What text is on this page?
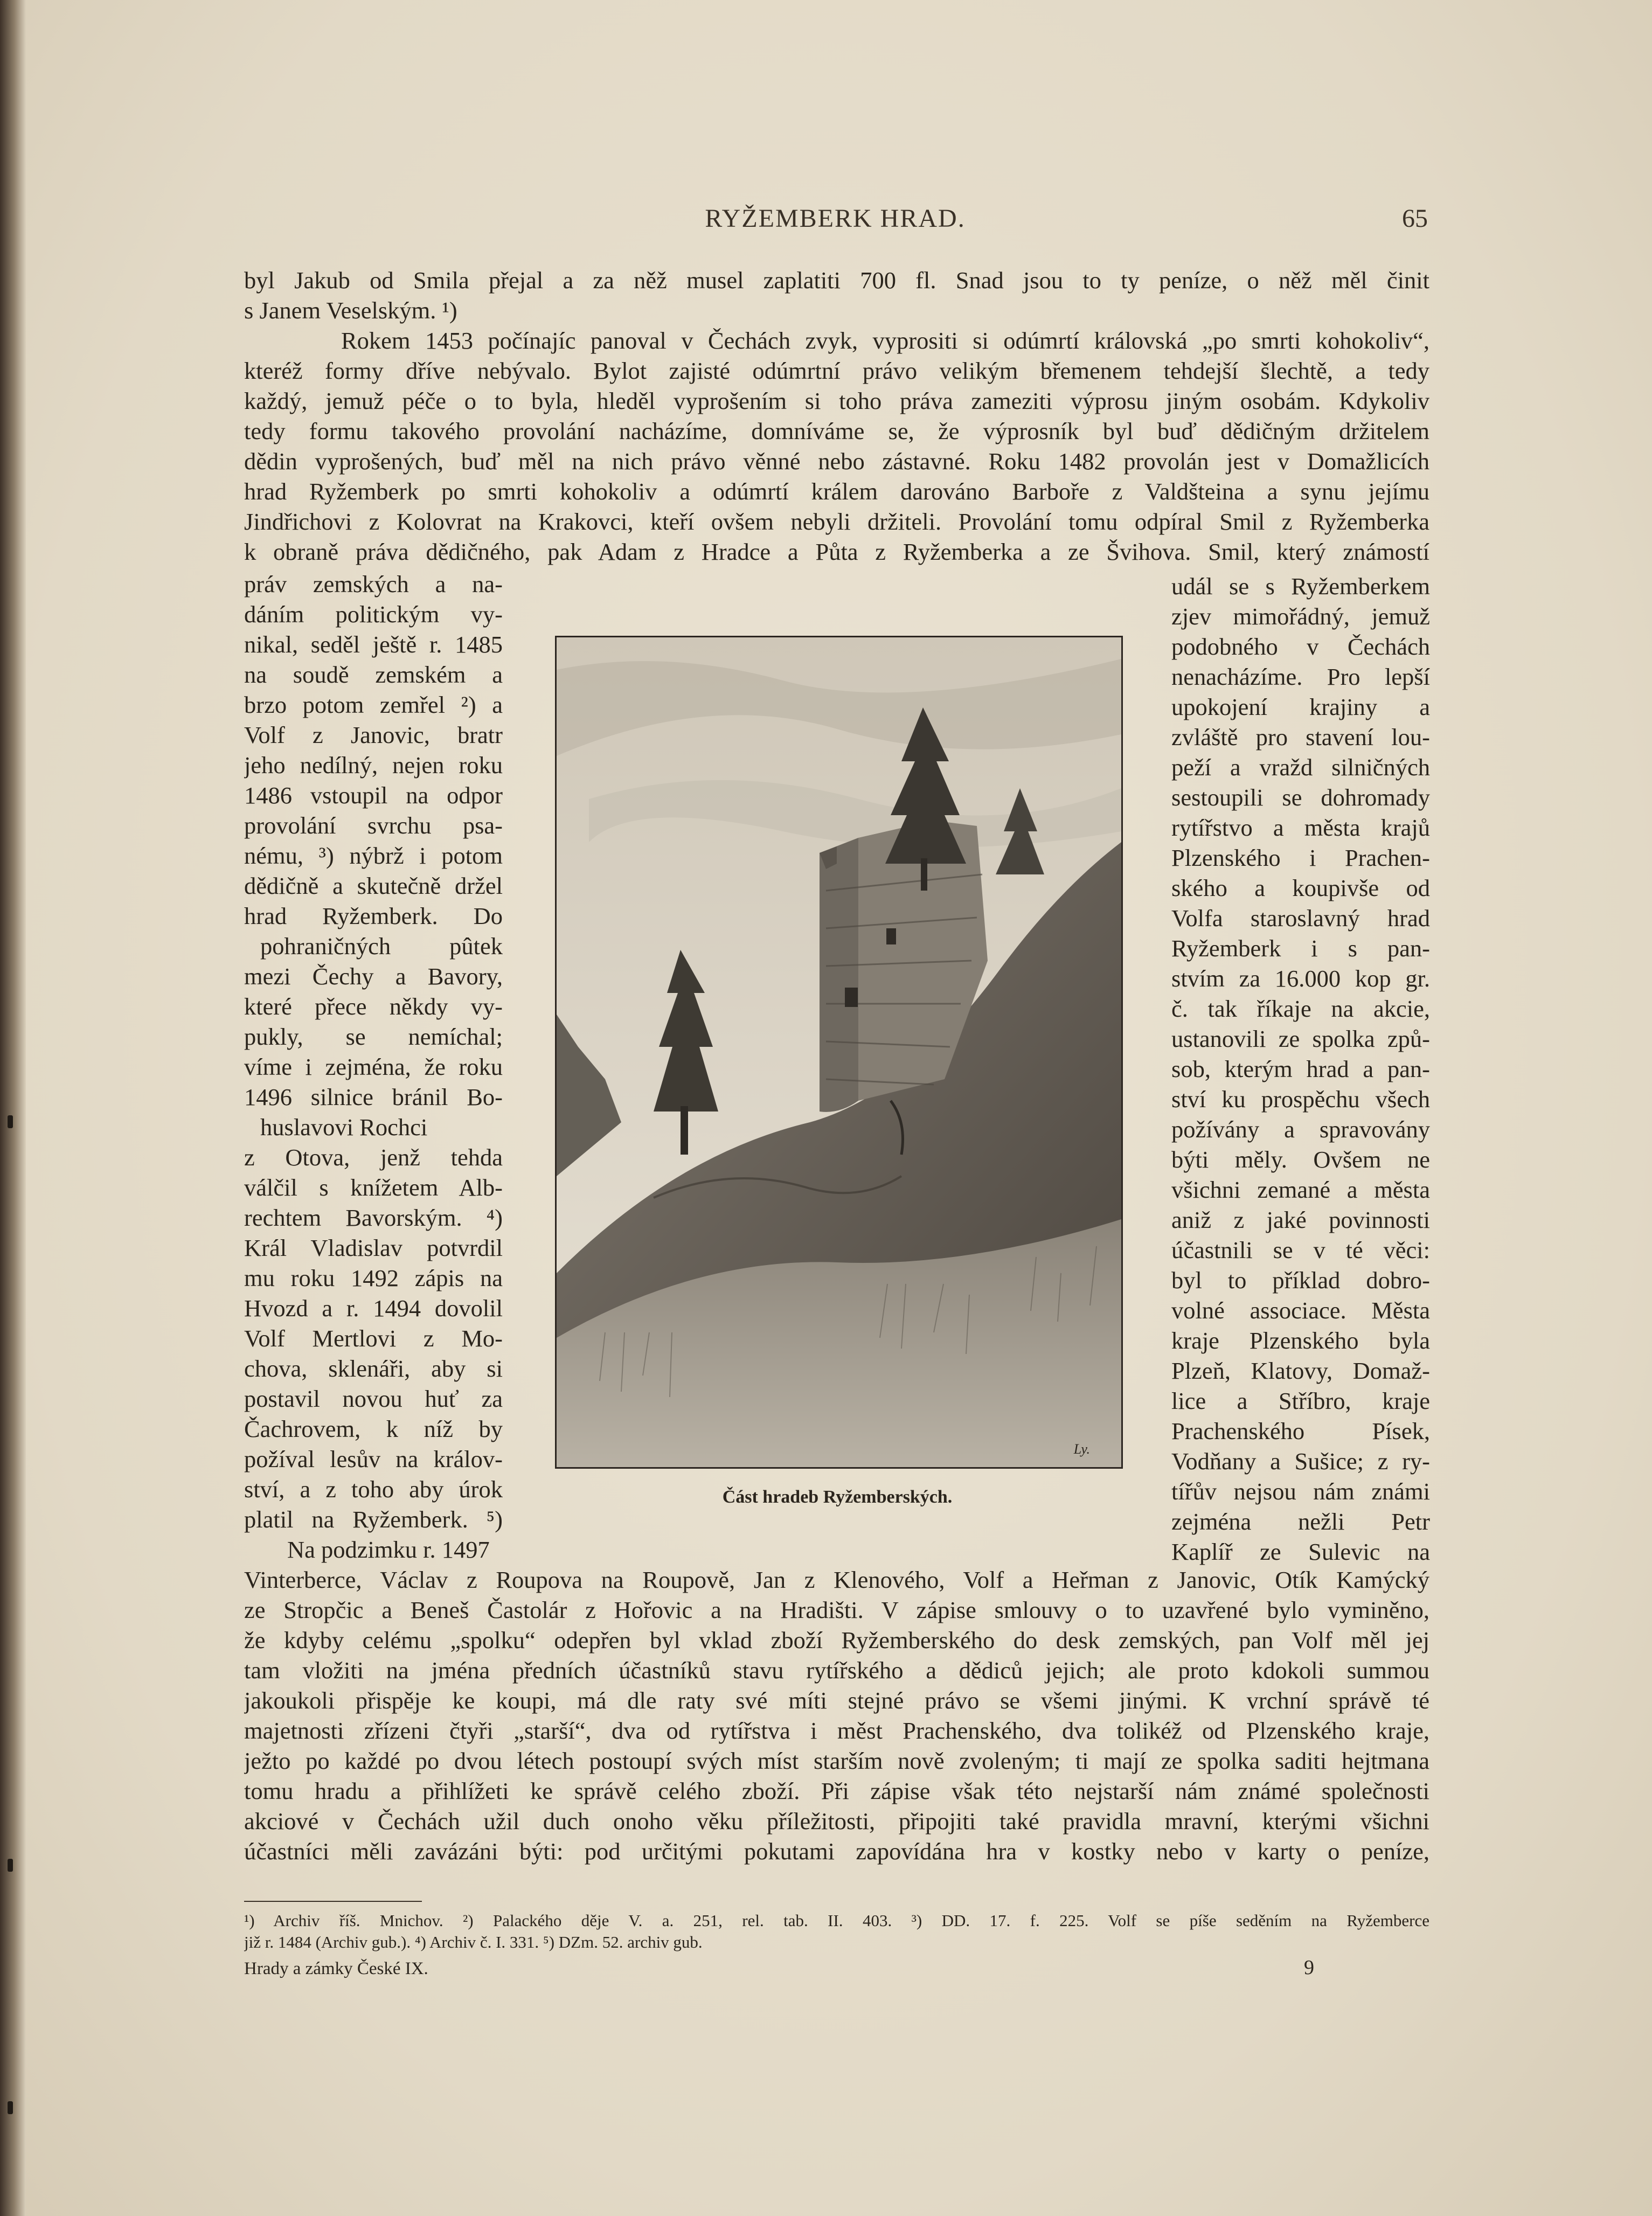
RYŽEMBERK HRAD.	65
byl Jakub od Smila přejal a za něž musel zaplatiti 700 fl. Snad jsou to ty peníze, o něž měl činit
s Janem Veselským. ¹)
Rokem 1453 počínajíc panoval v Čechách zvyk, vyprositi si odúmrtí královská „po smrti kohokoliv“,
kteréž formy dříve nebývalo. Bylot zajisté odúmrtní právo velikým břemenem tehdejší šlechtě, a tedy
každý, jemuž péče o to byla, hleděl vyprošením si toho práva zameziti výprosu jiným osobám. Kdykoliv
tedy formu takového provolání nacházíme, domníváme se, že výprosník byl buď dědičným držitelem
dědin vyprošených, buď měl na nich právo věnné nebo zástavné. Roku 1482 provolán jest v Domažlicích
hrad Ryžemberk po smrti kohokoliv a odúmrtí králem darováno Barboře z Valdšteina a synu jejímu
Jindřichovi z Kolovrat na Krakovci, kteří ovšem nebyli držiteli. Provolání tomu odpíral Smil z Ryžemberka
k obraně práva dědičného, pak Adam z Hradce a Půta z Ryžemberka a ze Švihova. Smil, který známostí
práv zemských a na-
dáním politickým vy-
nikal, seděl ještě r. 1485
na soudě zemském a
brzo potom zemřel ²) a
Volf z Janovic, bratr
jeho nedílný, nejen roku
1486 vstoupil na odpor
provolání svrchu psa-
nému, ³) nýbrž i potom
dědičně a skutečně držel
hrad Ryžemberk. Do
pohraničných pûtek
mezi Čechy a Bavory,
které přece někdy vy-
pukly, se nemíchal;
víme i zejména, že roku
1496 silnice bránil Bo-
huslavovi Rochci
z Otova, jenž tehda
válčil s knížetem Alb-
rechtem Bavorským. ⁴)
Král Vladislav potvrdil
mu roku 1492 zápis na
Hvozd a r. 1494 dovolil
Volf Mertlovi z Mo-
chova, sklenáři, aby si
postavil novou huť za
Čachrovem, k níž by
požíval lesův na králov-
ství, a z toho aby úrok
platil na Ryžemberk. ⁵)
Na podzimku r. 1497
Ly.
Část hradeb Ryžemberských.
udál se s Ryžemberkem
zjev mimořádný, jemuž
podobného v Čechách
nenacházíme. Pro lepší
upokojení krajiny a
zvláště pro stavení lou-
peží a vražd silničných
sestoupili se dohromady
rytířstvo a města krajů
Plzenského i Prachen-
ského a koupivše od
Volfa staroslavný hrad
Ryžemberk i s pan-
stvím za 16.000 kop gr.
č. tak říkaje na akcie,
ustanovili ze spolka způ-
sob, kterým hrad a pan-
ství ku prospěchu všech
požívány a spravovány
býti měly. Ovšem ne
všichni zemané a města
aniž z jaké povinnosti
účastnili se v té věci:
byl to příklad dobro-
volné associace. Města
kraje Plzenského byla
Plzeň, Klatovy, Domaž-
lice a Stříbro, kraje
Prachenského Písek,
Vodňany a Sušice; z ry-
tířův nejsou nám známi
zejména nežli Petr
Kaplíř ze Sulevic na
Vinterberce, Václav z Roupova na Roupově, Jan z Klenového, Volf a Heřman z Janovic, Otík Kamýcký
ze Stropčic a Beneš Častolár z Hořovic a na Hradišti. V zápise smlouvy o to uzavřené bylo vyminěno,
že kdyby celému „spolku“ odepřen byl vklad zboží Ryžemberského do desk zemských, pan Volf měl jej
tam vložiti na jména předních účastníků stavu rytířského a dědiců jejich; ale proto kdokoli summou
jakoukoli přispěje ke koupi, má dle raty své míti stejné právo se všemi jinými. K vrchní správě té
majetnosti zřízeni čtyři „starší“, dva od rytířstva i měst Prachenského, dva tolikéž od Plzenského kraje,
ježto po každé po dvou létech postoupí svých míst starším nově zvoleným; ti mají ze spolka saditi hejtmana
tomu hradu a přihlížeti ke správě celého zboží. Při zápise však této nejstarší nám známé společnosti
akciové v Čechách užil duch onoho věku příležitosti, připojiti také pravidla mravní, kterými všichni
účastníci měli zavázáni býti: pod určitými pokutami zapovídána hra v kostky nebo v karty o peníze,
¹) Archiv říš. Mnichov. ²) Palackého děje V. a. 251, rel. tab. II. 403. ³) DD. 17. f. 225. Volf se píše seděním na Ryžemberce
již r. 1484 (Archiv gub.). ⁴) Archiv č. I. 331. ⁵) DZm. 52. archiv gub.
Hrady a zámky České IX.	9
